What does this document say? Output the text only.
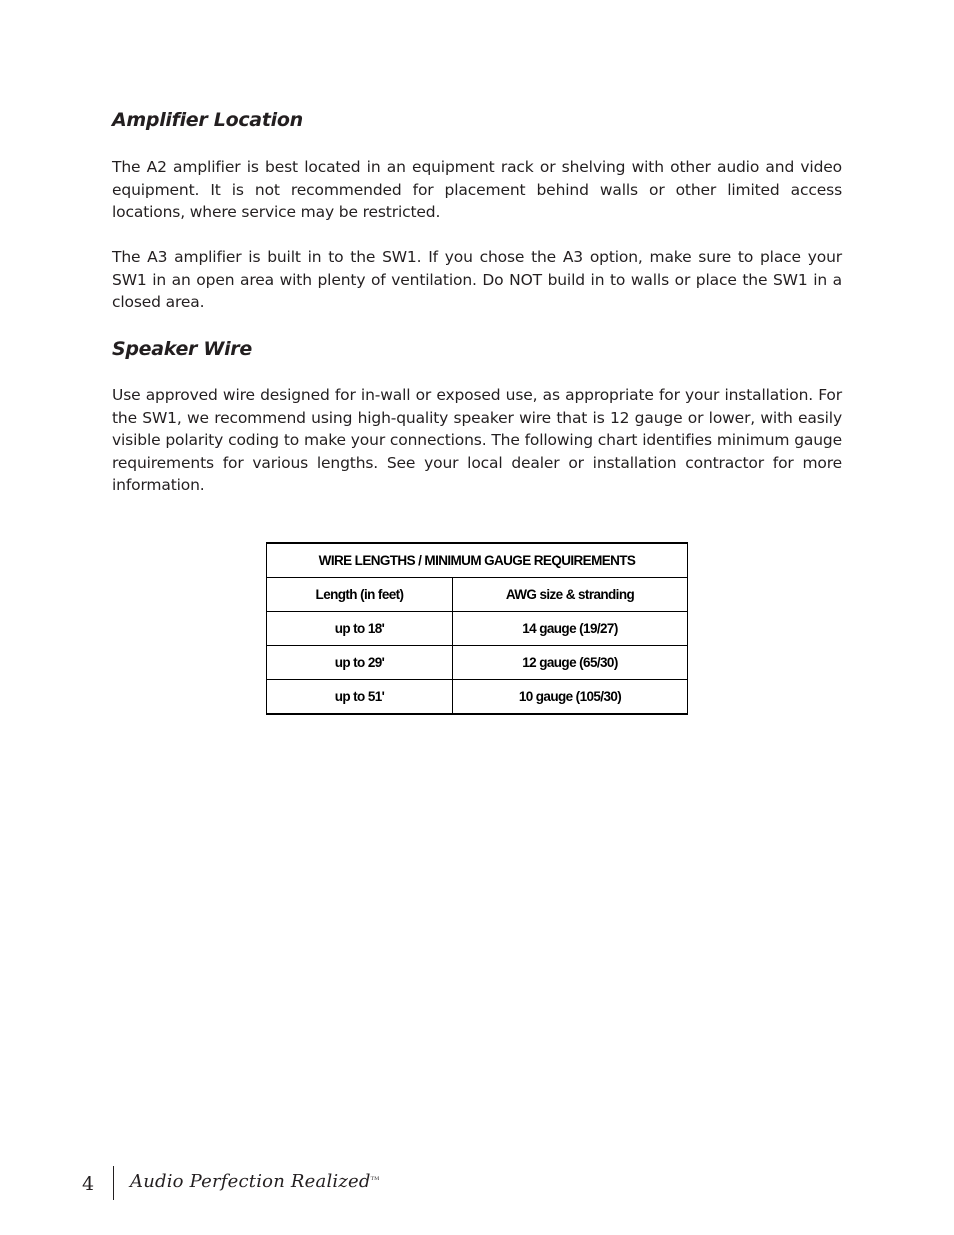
Amplifier Location

The A2 amplifier is best located in an equipment rack or shelving with other audio and video equipment. It is not recommended for placement behind walls or other limited access locations, where service may be restricted.

The A3 amplifier is built in to the SW1. If you chose the A3 option, make sure to place your SW1 in an open area with plenty of ventilation. Do NOT build in to walls or place the SW1 in a closed area.

Speaker Wire

Use approved wire designed for in-wall or exposed use, as appropriate for your installation. For the SW1, we recommend using high-quality speaker wire that is 12 gauge or lower, with easily visible polarity coding to make your connections. The following chart identifies minimum gauge requirements for various lengths. See your local dealer or installation contractor for more information.

WIRE LENGTHS / MINIMUM GAUGE REQUIREMENTS	
Length (in feet)	AWG size & stranding
up to 18'	14 gauge (19/27)
up to 29'	12 gauge (65/30)
up to 51'	10 gauge (105/30)
4 Audio Perfection Realized™
